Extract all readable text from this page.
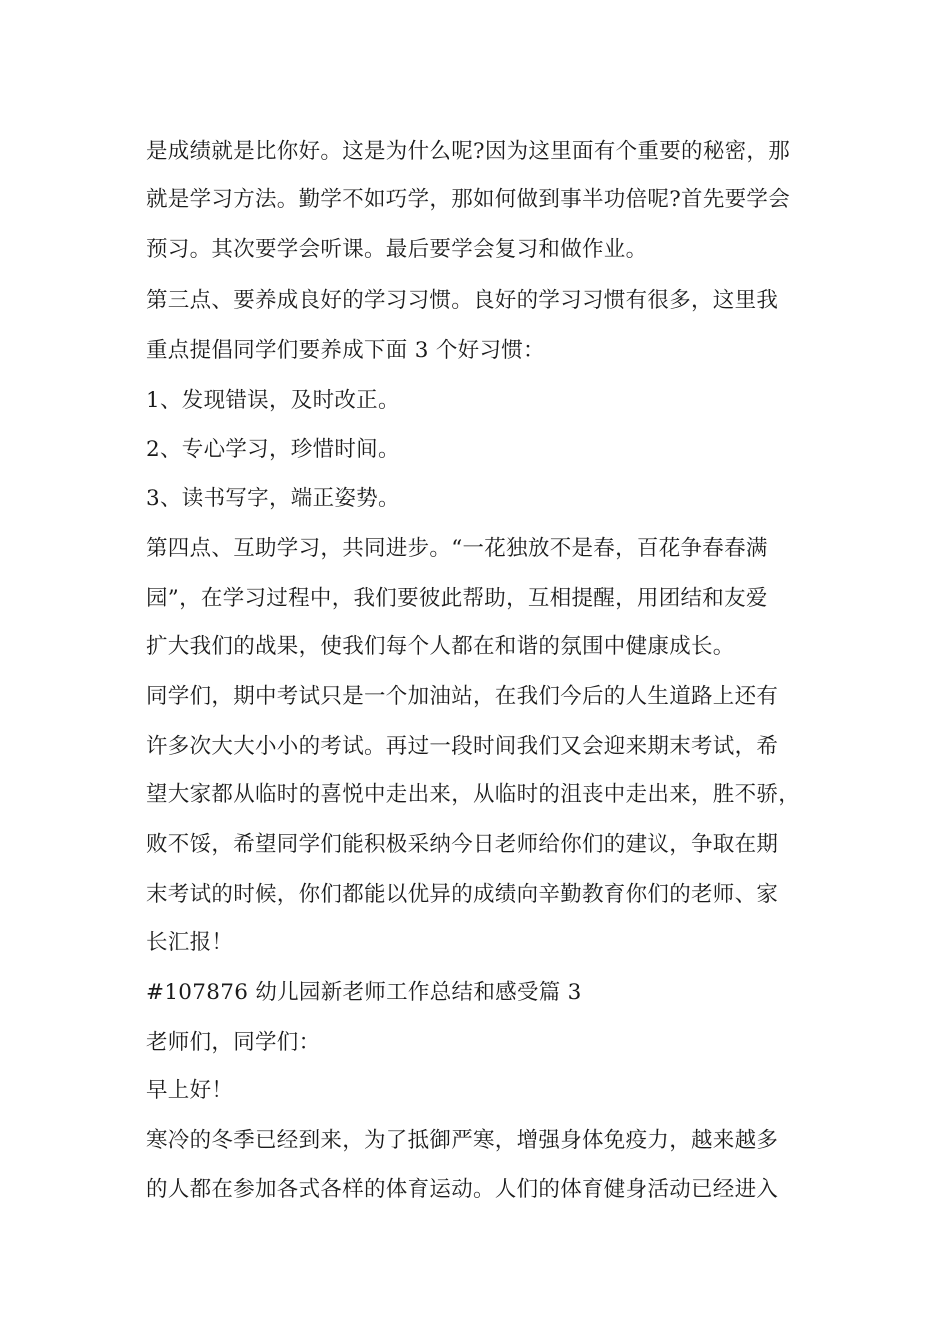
是成绩就是比你好。这是为什么呢?因为这里面有个重要的秘密，那
就是学习方法。勤学不如巧学，那如何做到事半功倍呢?首先要学会
预习。其次要学会听课。最后要学会复习和做作业。
第三点、要养成良好的学习习惯。良好的学习习惯有很多，这里我
重点提倡同学们要养成下面 3 个好习惯：
1、发现错误，及时改正。
2、专心学习，珍惜时间。
3、读书写字，端正姿势。
第四点、互助学习，共同进步。“一花独放不是春，百花争春春满
园”，在学习过程中，我们要彼此帮助，互相提醒，用团结和友爱
扩大我们的战果，使我们每个人都在和谐的氛围中健康成长。
同学们，期中考试只是一个加油站，在我们今后的人生道路上还有
许多次大大小小的考试。再过一段时间我们又会迎来期末考试，希
望大家都从临时的喜悦中走出来，从临时的沮丧中走出来，胜不骄，
败不馁，希望同学们能积极采纳今日老师给你们的建议，争取在期
末考试的时候，你们都能以优异的成绩向辛勤教育你们的老师、家
长汇报！
#107876 幼儿园新老师工作总结和感受篇 3
老师们，同学们：
早上好！
寒冷的冬季已经到来，为了抵御严寒，增强身体免疫力，越来越多
的人都在参加各式各样的体育运动。人们的体育健身活动已经进入
